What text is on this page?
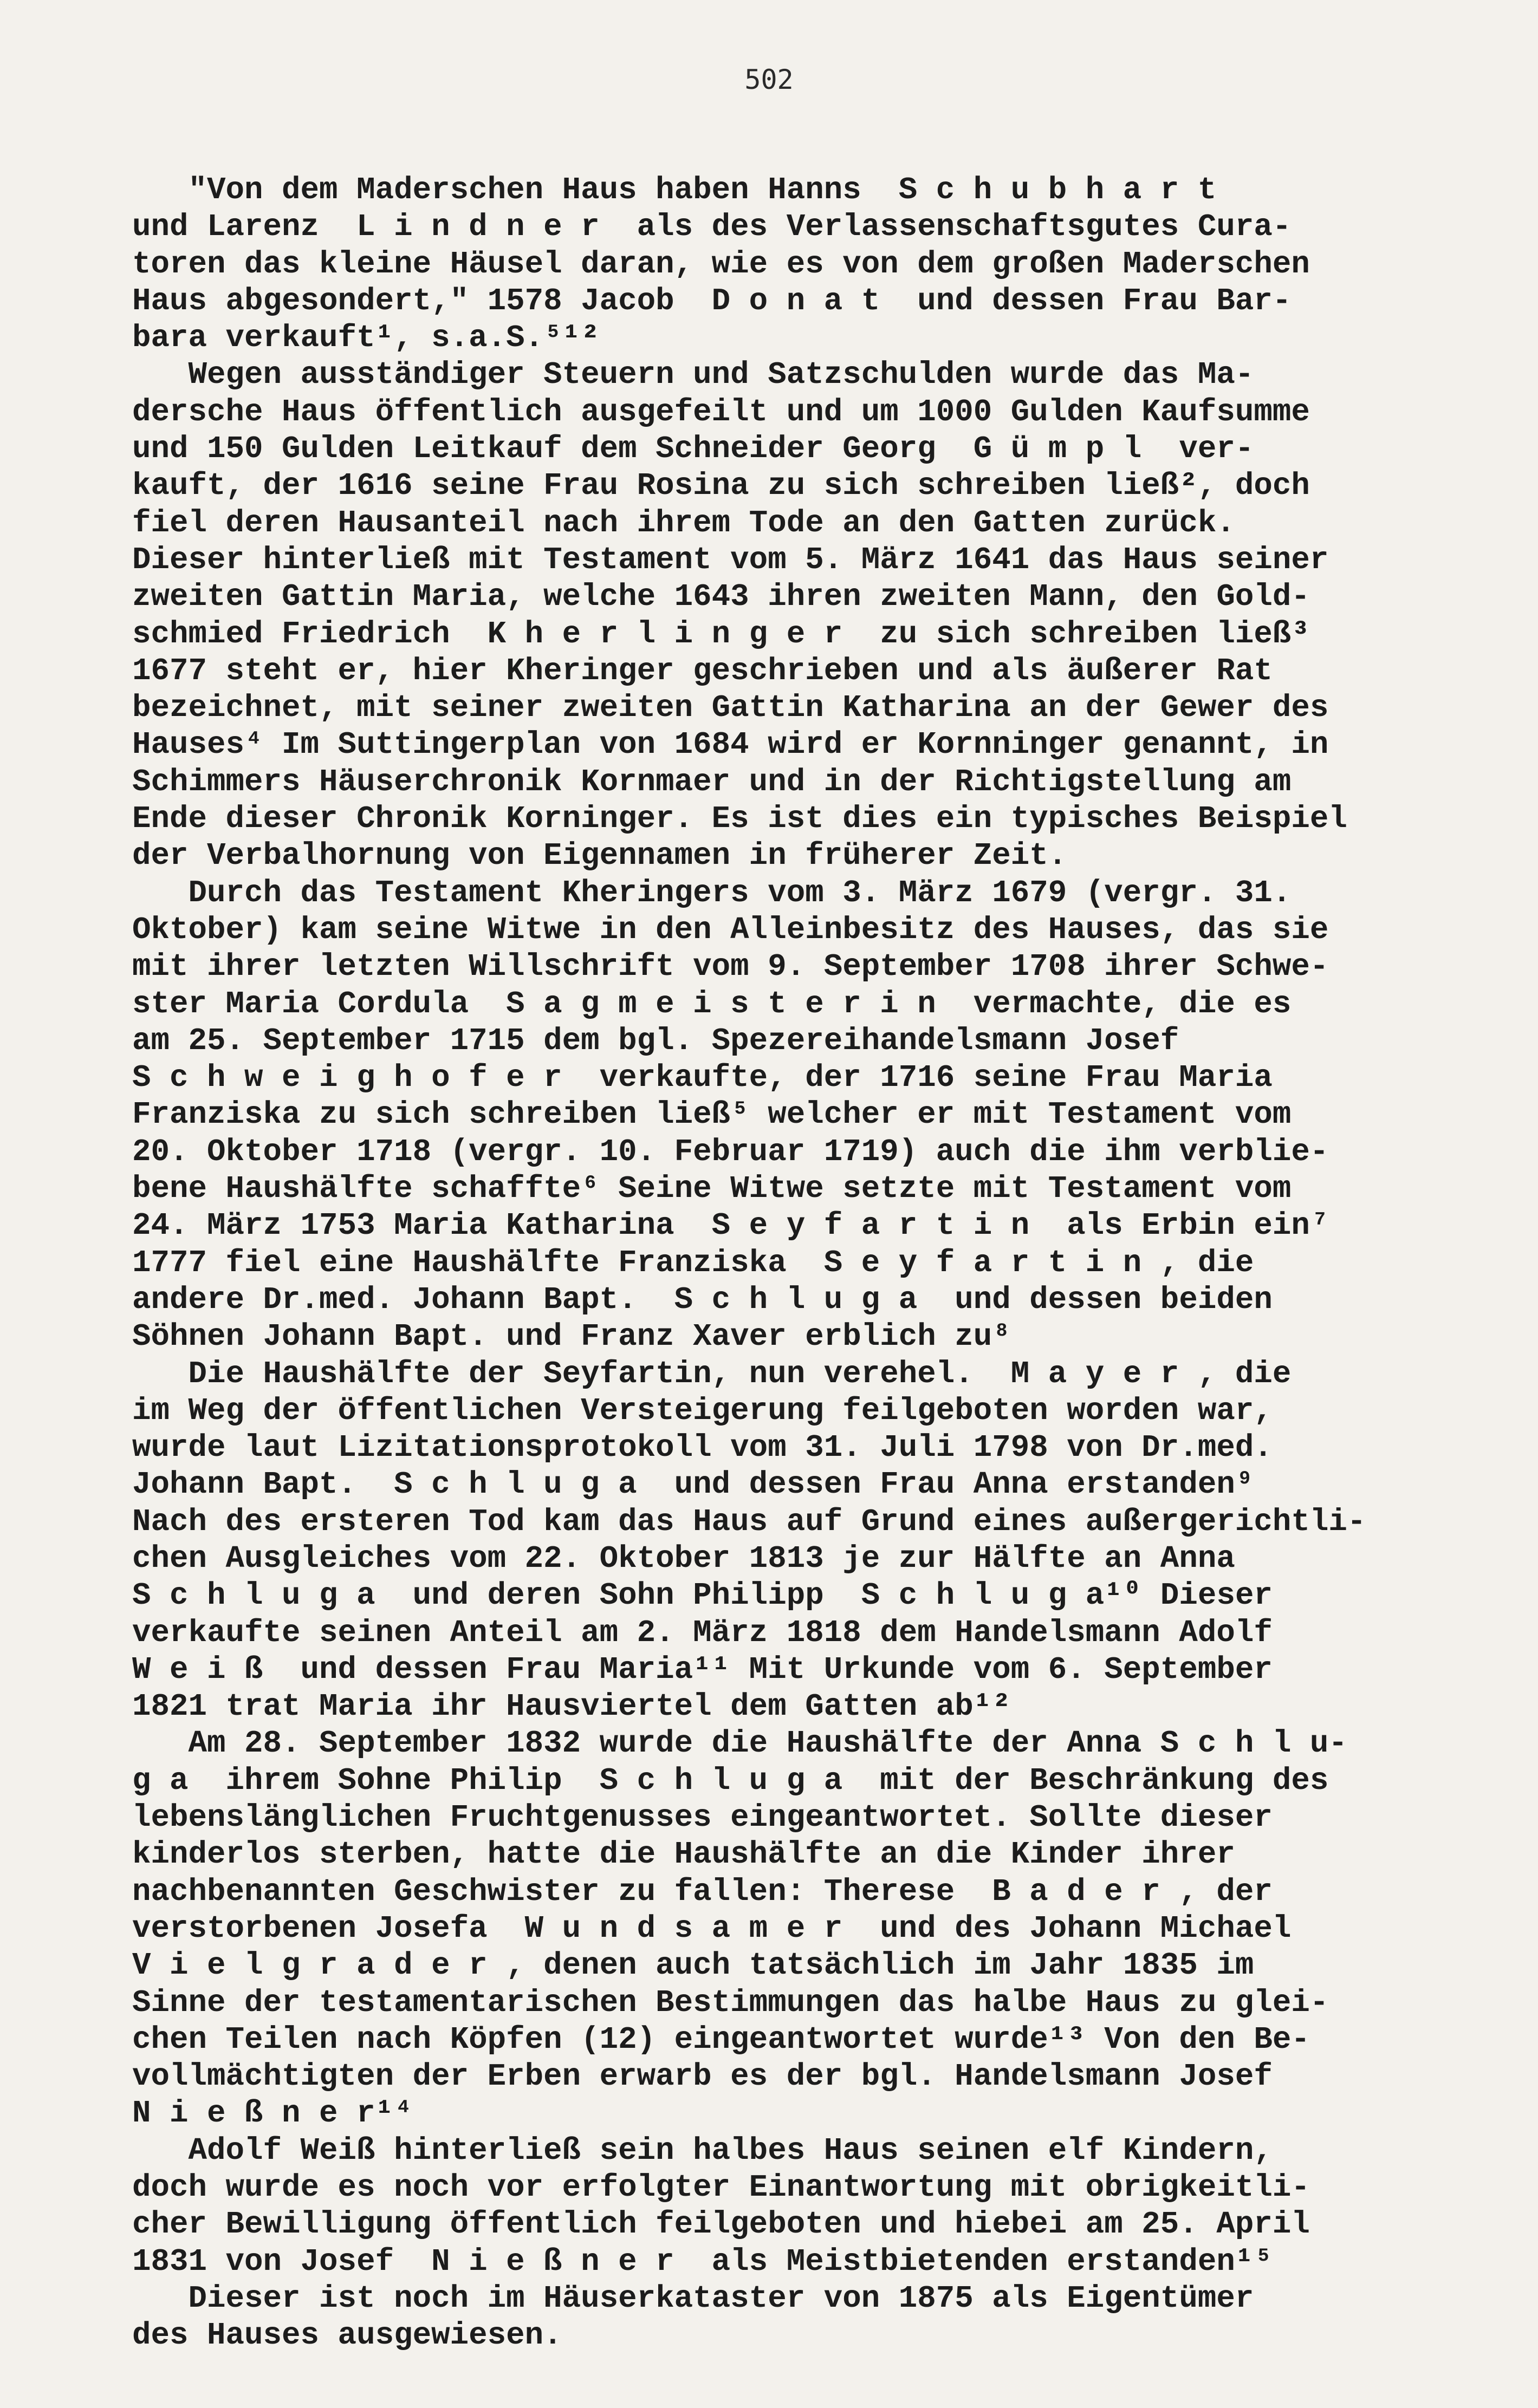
502
"Von dem Maderschen Haus haben Hanns  S c h u b h a r t
und Larenz  L i n d n e r  als des Verlassenschaftsgutes Cura-
toren das kleine Häusel daran, wie es von dem großen Maderschen
Haus abgesondert," 1578 Jacob  D o n a t  und dessen Frau Bar-
bara verkauft¹, s.a.S.⁵¹²
Wegen ausständiger Steuern und Satzschulden wurde das Ma-
dersche Haus öffentlich ausgefeilt und um 1000 Gulden Kaufsumme
und 150 Gulden Leitkauf dem Schneider Georg  G ü m p l  ver-
kauft, der 1616 seine Frau Rosina zu sich schreiben ließ², doch
fiel deren Hausanteil nach ihrem Tode an den Gatten zurück.
Dieser hinterließ mit Testament vom 5. März 1641 das Haus seiner
zweiten Gattin Maria, welche 1643 ihren zweiten Mann, den Gold-
schmied Friedrich  K h e r l i n g e r  zu sich schreiben ließ³
1677 steht er, hier Kheringer geschrieben und als äußerer Rat
bezeichnet, mit seiner zweiten Gattin Katharina an der Gewer des
Hauses⁴ Im Suttingerplan von 1684 wird er Kornninger genannt, in
Schimmers Häuserchronik Kornmaer und in der Richtigstellung am
Ende dieser Chronik Korninger. Es ist dies ein typisches Beispiel
der Verbalhornung von Eigennamen in früherer Zeit.
Durch das Testament Kheringers vom 3. März 1679 (vergr. 31.
Oktober) kam seine Witwe in den Alleinbesitz des Hauses, das sie
mit ihrer letzten Willschrift vom 9. September 1708 ihrer Schwe-
ster Maria Cordula  S a g m e i s t e r i n  vermachte, die es
am 25. September 1715 dem bgl. Spezereihandelsmann Josef
S c h w e i g h o f e r  verkaufte, der 1716 seine Frau Maria
Franziska zu sich schreiben ließ⁵ welcher er mit Testament vom
20. Oktober 1718 (vergr. 10. Februar 1719) auch die ihm verblie-
bene Haushälfte schaffte⁶ Seine Witwe setzte mit Testament vom
24. März 1753 Maria Katharina  S e y f a r t i n  als Erbin ein⁷
1777 fiel eine Haushälfte Franziska  S e y f a r t i n , die
andere Dr.med. Johann Bapt.  S c h l u g a  und dessen beiden
Söhnen Johann Bapt. und Franz Xaver erblich zu⁸
Die Haushälfte der Seyfartin, nun verehel.  M a y e r , die
im Weg der öffentlichen Versteigerung feilgeboten worden war,
wurde laut Lizitationsprotokoll vom 31. Juli 1798 von Dr.med.
Johann Bapt.  S c h l u g a  und dessen Frau Anna erstanden⁹
Nach des ersteren Tod kam das Haus auf Grund eines außergerichtli-
chen Ausgleiches vom 22. Oktober 1813 je zur Hälfte an Anna
S c h l u g a  und deren Sohn Philipp  S c h l u g a¹⁰ Dieser
verkaufte seinen Anteil am 2. März 1818 dem Handelsmann Adolf
W e i ß  und dessen Frau Maria¹¹ Mit Urkunde vom 6. September
1821 trat Maria ihr Hausviertel dem Gatten ab¹²
Am 28. September 1832 wurde die Haushälfte der Anna S c h l u-
g a  ihrem Sohne Philip  S c h l u g a  mit der Beschränkung des
lebenslänglichen Fruchtgenusses eingeantwortet. Sollte dieser
kinderlos sterben, hatte die Haushälfte an die Kinder ihrer
nachbenannten Geschwister zu fallen: Therese  B a d e r , der
verstorbenen Josefa  W u n d s a m e r  und des Johann Michael
V i e l g r a d e r , denen auch tatsächlich im Jahr 1835 im
Sinne der testamentarischen Bestimmungen das halbe Haus zu glei-
chen Teilen nach Köpfen (12) eingeantwortet wurde¹³ Von den Be-
vollmächtigten der Erben erwarb es der bgl. Handelsmann Josef
N i e ß n e r¹⁴
Adolf Weiß hinterließ sein halbes Haus seinen elf Kindern,
doch wurde es noch vor erfolgter Einantwortung mit obrigkeitli-
cher Bewilligung öffentlich feilgeboten und hiebei am 25. April
1831 von Josef  N i e ß n e r  als Meistbietenden erstanden¹⁵
Dieser ist noch im Häuserkataster von 1875 als Eigentümer
des Hauses ausgewiesen.
